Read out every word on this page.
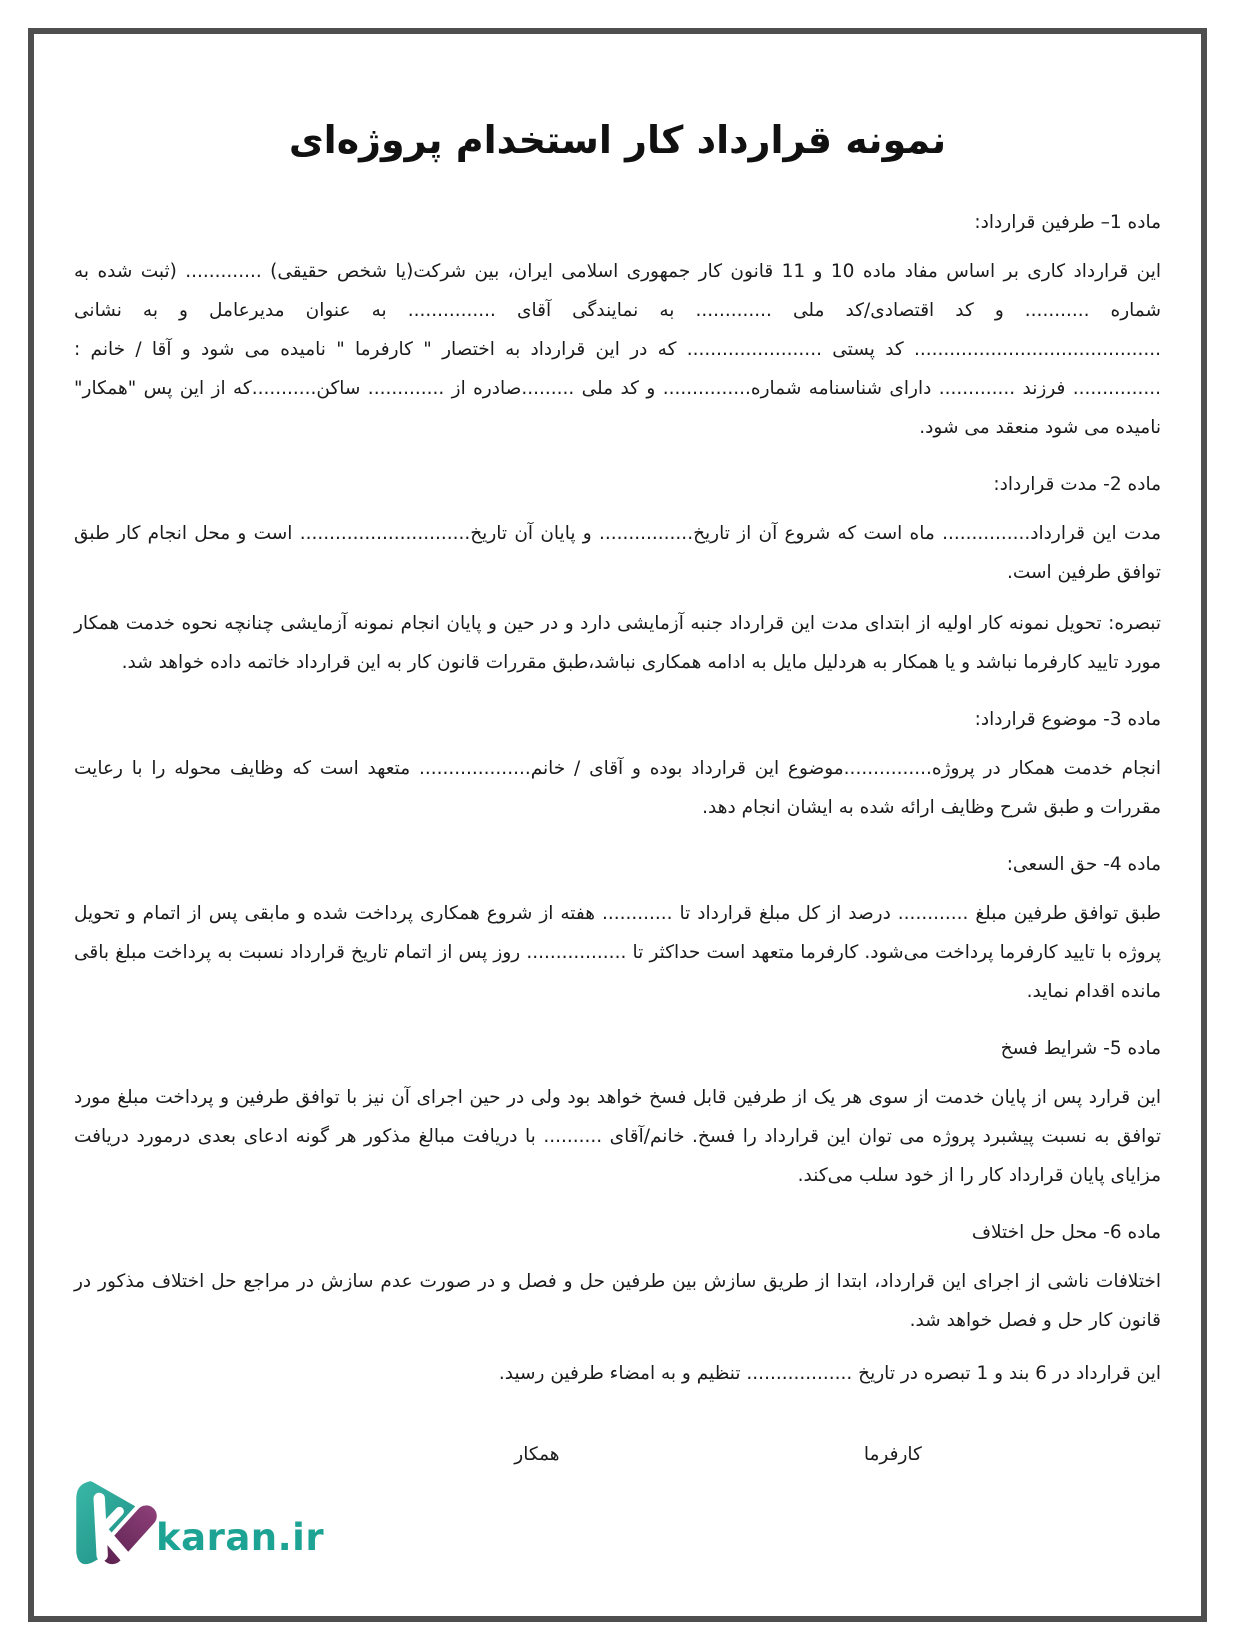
نمونه قرارداد کار استخدام پروژه‌ای
ماده 1– طرفین قرارداد:

این قرارداد کاری بر اساس مفاد ماده 10 و 11 قانون کار جمهوری اسلامی ایران، بین شرکت(یا شخص حقیقی) ............. (ثبت شده به شماره ........... و کد اقتصادی/کد ملی ............. به نمایندگی آقای ............... به عنوان مدیرعامل و به نشانی .......................................... کد پستی ....................... که در این قرارداد به اختصار " کارفرما " نامیده می شود و آقا / خانم : ............... فرزند ............. دارای شناسنامه شماره............... و کد ملی .........صادره از ............. ساکن...........که از این پس "همکار" نامیده می شود منعقد می شود.

ماده 2- مدت قرارداد:

مدت این قرارداد............... ماه است که شروع آن از تاریخ................ و پایان آن تاریخ............................. است و محل انجام کار طبق توافق طرفین است.

تبصره: تحویل نمونه کار اولیه از ابتدای مدت این قرارداد جنبه آزمایشی دارد و در حین و پایان انجام نمونه آزمایشی چنانچه نحوه خدمت همکار مورد تایید کارفرما نباشد و یا همکار به هردلیل مایل به ادامه همکاری نباشد،طبق مقررات قانون کار به این قرارداد خاتمه داده خواهد شد.

ماده 3- موضوع قرارداد:

انجام خدمت همکار در پروژه...............موضوع این قرارداد بوده و آقای / خانم................... متعهد است که وظایف محوله را با رعایت مقررات و طبق شرح وظایف ارائه شده به ایشان انجام دهد.

ماده 4- حق السعی:

طبق توافق طرفین مبلغ ............ درصد از کل مبلغ قرارداد تا ............ هفته از شروع همکاری پرداخت شده و مابقی پس از اتمام و تحویل پروژه با تایید کارفرما پرداخت می‌شود. کارفرما متعهد است حداکثر تا ................. روز پس از اتمام تاریخ قرارداد نسبت به پرداخت مبلغ باقی مانده اقدام نماید.

ماده 5- شرایط فسخ

این قرارد پس از پایان خدمت از سوی هر یک از طرفین قابل فسخ خواهد بود ولی در حین اجرای آن نیز با توافق طرفین و پرداخت مبلغ مورد توافق به نسبت پیشبرد پروژه می توان این قرارداد را فسخ. خانم/آقای .......... با دریافت مبالغ مذکور هر گونه ادعای بعدی درمورد دریافت مزایای پایان قرارداد کار را از خود سلب می‌کند.

ماده 6- محل حل اختلاف

اختلافات ناشی از اجرای این قرارداد، ابتدا از طریق سازش بین طرفین حل و فصل و در صورت عدم سازش در مراجع حل اختلاف مذکور در قانون کار حل و فصل خواهد شد.

این قرارداد در 6 بند و 1 تبصره در تاریخ .................. تنظیم و به امضاء طرفین رسید.

کارفرما
همکار
karan.ir
